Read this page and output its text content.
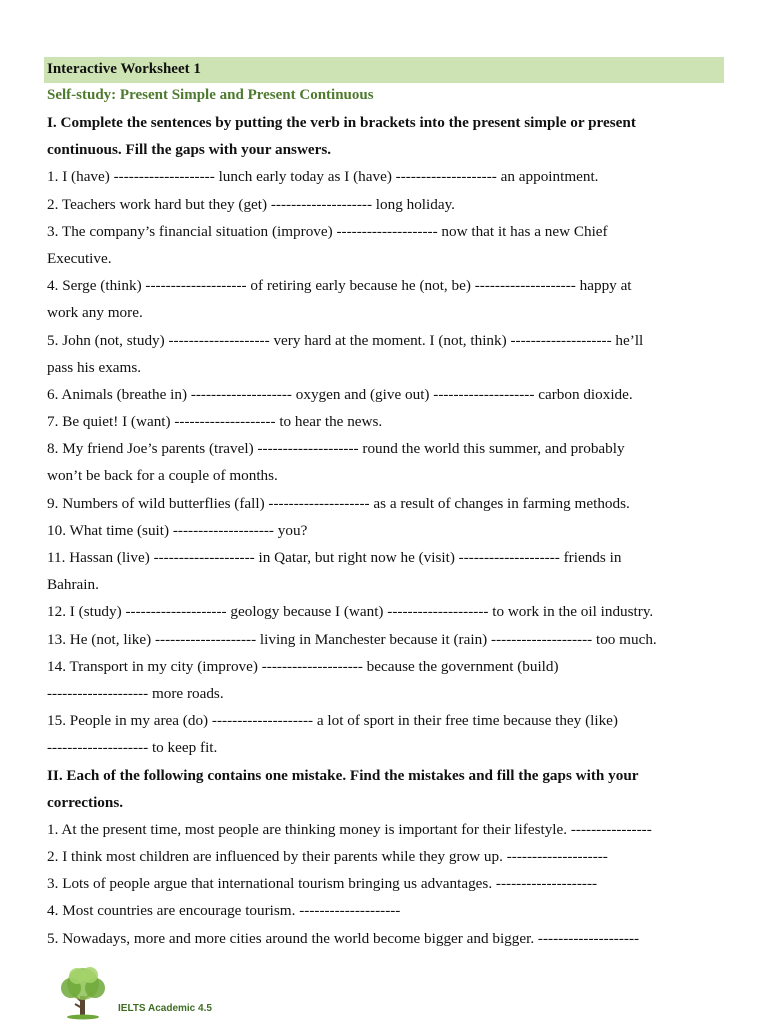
Interactive Worksheet 1
Self-study: Present Simple and Present Continuous
I. Complete the sentences by putting the verb in brackets into the present simple or present
continuous. Fill the gaps with your answers.
1. I (have) -------------------- lunch early today as I (have) -------------------- an appointment.
2. Teachers work hard but they (get) -------------------- long holiday.
3. The company’s financial situation (improve) -------------------- now that it has a new Chief
Executive.
4. Serge (think) -------------------- of retiring early because he (not, be) -------------------- happy at
work any more.
5. John (not, study) -------------------- very hard at the moment. I (not, think) -------------------- he’ll
pass his exams.
6. Animals (breathe in) -------------------- oxygen and (give out) -------------------- carbon dioxide.
7. Be quiet! I (want) -------------------- to hear the news.
8. My friend Joe’s parents (travel) -------------------- round the world this summer, and probably
won’t be back for a couple of months.
9. Numbers of wild butterflies (fall) -------------------- as a result of changes in farming methods.
10. What time (suit) -------------------- you?
11. Hassan (live) -------------------- in Qatar, but right now he (visit) -------------------- friends in
Bahrain.
12. I (study) -------------------- geology because I (want) -------------------- to work in the oil industry.
13. He (not, like) -------------------- living in Manchester because it (rain) -------------------- too much.
14. Transport in my city (improve) -------------------- because the government (build)
-------------------- more roads.
15. People in my area (do) -------------------- a lot of sport in their free time because they (like)
-------------------- to keep fit.
II. Each of the following contains one mistake. Find the mistakes and fill the gaps with your
corrections.
1. At the present time, most people are thinking money is important for their lifestyle. ----------------
2. I think most children are influenced by their parents while they grow up. --------------------
3. Lots of people argue that international tourism bringing us advantages. --------------------
4. Most countries are encourage tourism. --------------------
5. Nowadays, more and more cities around the world become bigger and bigger. --------------------
IELTS Academic 4.5
